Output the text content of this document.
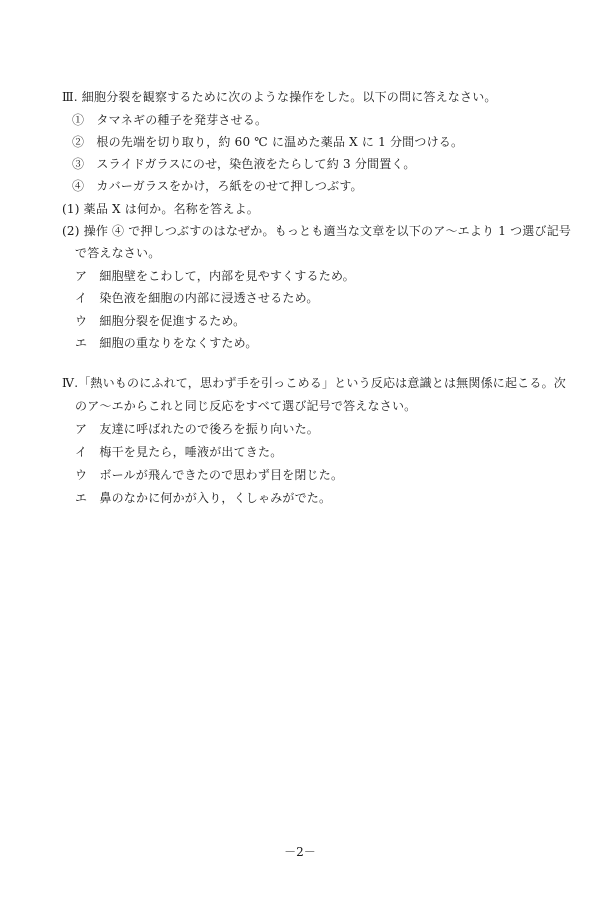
Ⅲ. 細胞分裂を観察するために次のような操作をした。以下の問に答えなさい。
①　タマネギの種子を発芽させる。
②　根の先端を切り取り，約 60 ℃ に温めた薬品 X に 1 分間つける。
③　スライドガラスにのせ，染色液をたらして約 3 分間置く。
④　カバーガラスをかけ，ろ紙をのせて押しつぶす。
(1) 薬品 X は何か。名称を答えよ。
(2) 操作 ④ で押しつぶすのはなぜか。もっとも適当な文章を以下のア～エより 1 つ選び記号
で答えなさい。
ア　細胞壁をこわして，内部を見やすくするため。
イ　染色液を細胞の内部に浸透させるため。
ウ　細胞分裂を促進するため。
エ　細胞の重なりをなくすため。
Ⅳ.「熱いものにふれて，思わず手を引っこめる」という反応は意識とは無関係に起こる。次
のア～エからこれと同じ反応をすべて選び記号で答えなさい。
ア　友達に呼ばれたので後ろを振り向いた。
イ　梅干を見たら，唾液が出てきた。
ウ　ボールが飛んできたので思わず目を閉じた。
エ　鼻のなかに何かが入り，くしゃみがでた。
－2－
